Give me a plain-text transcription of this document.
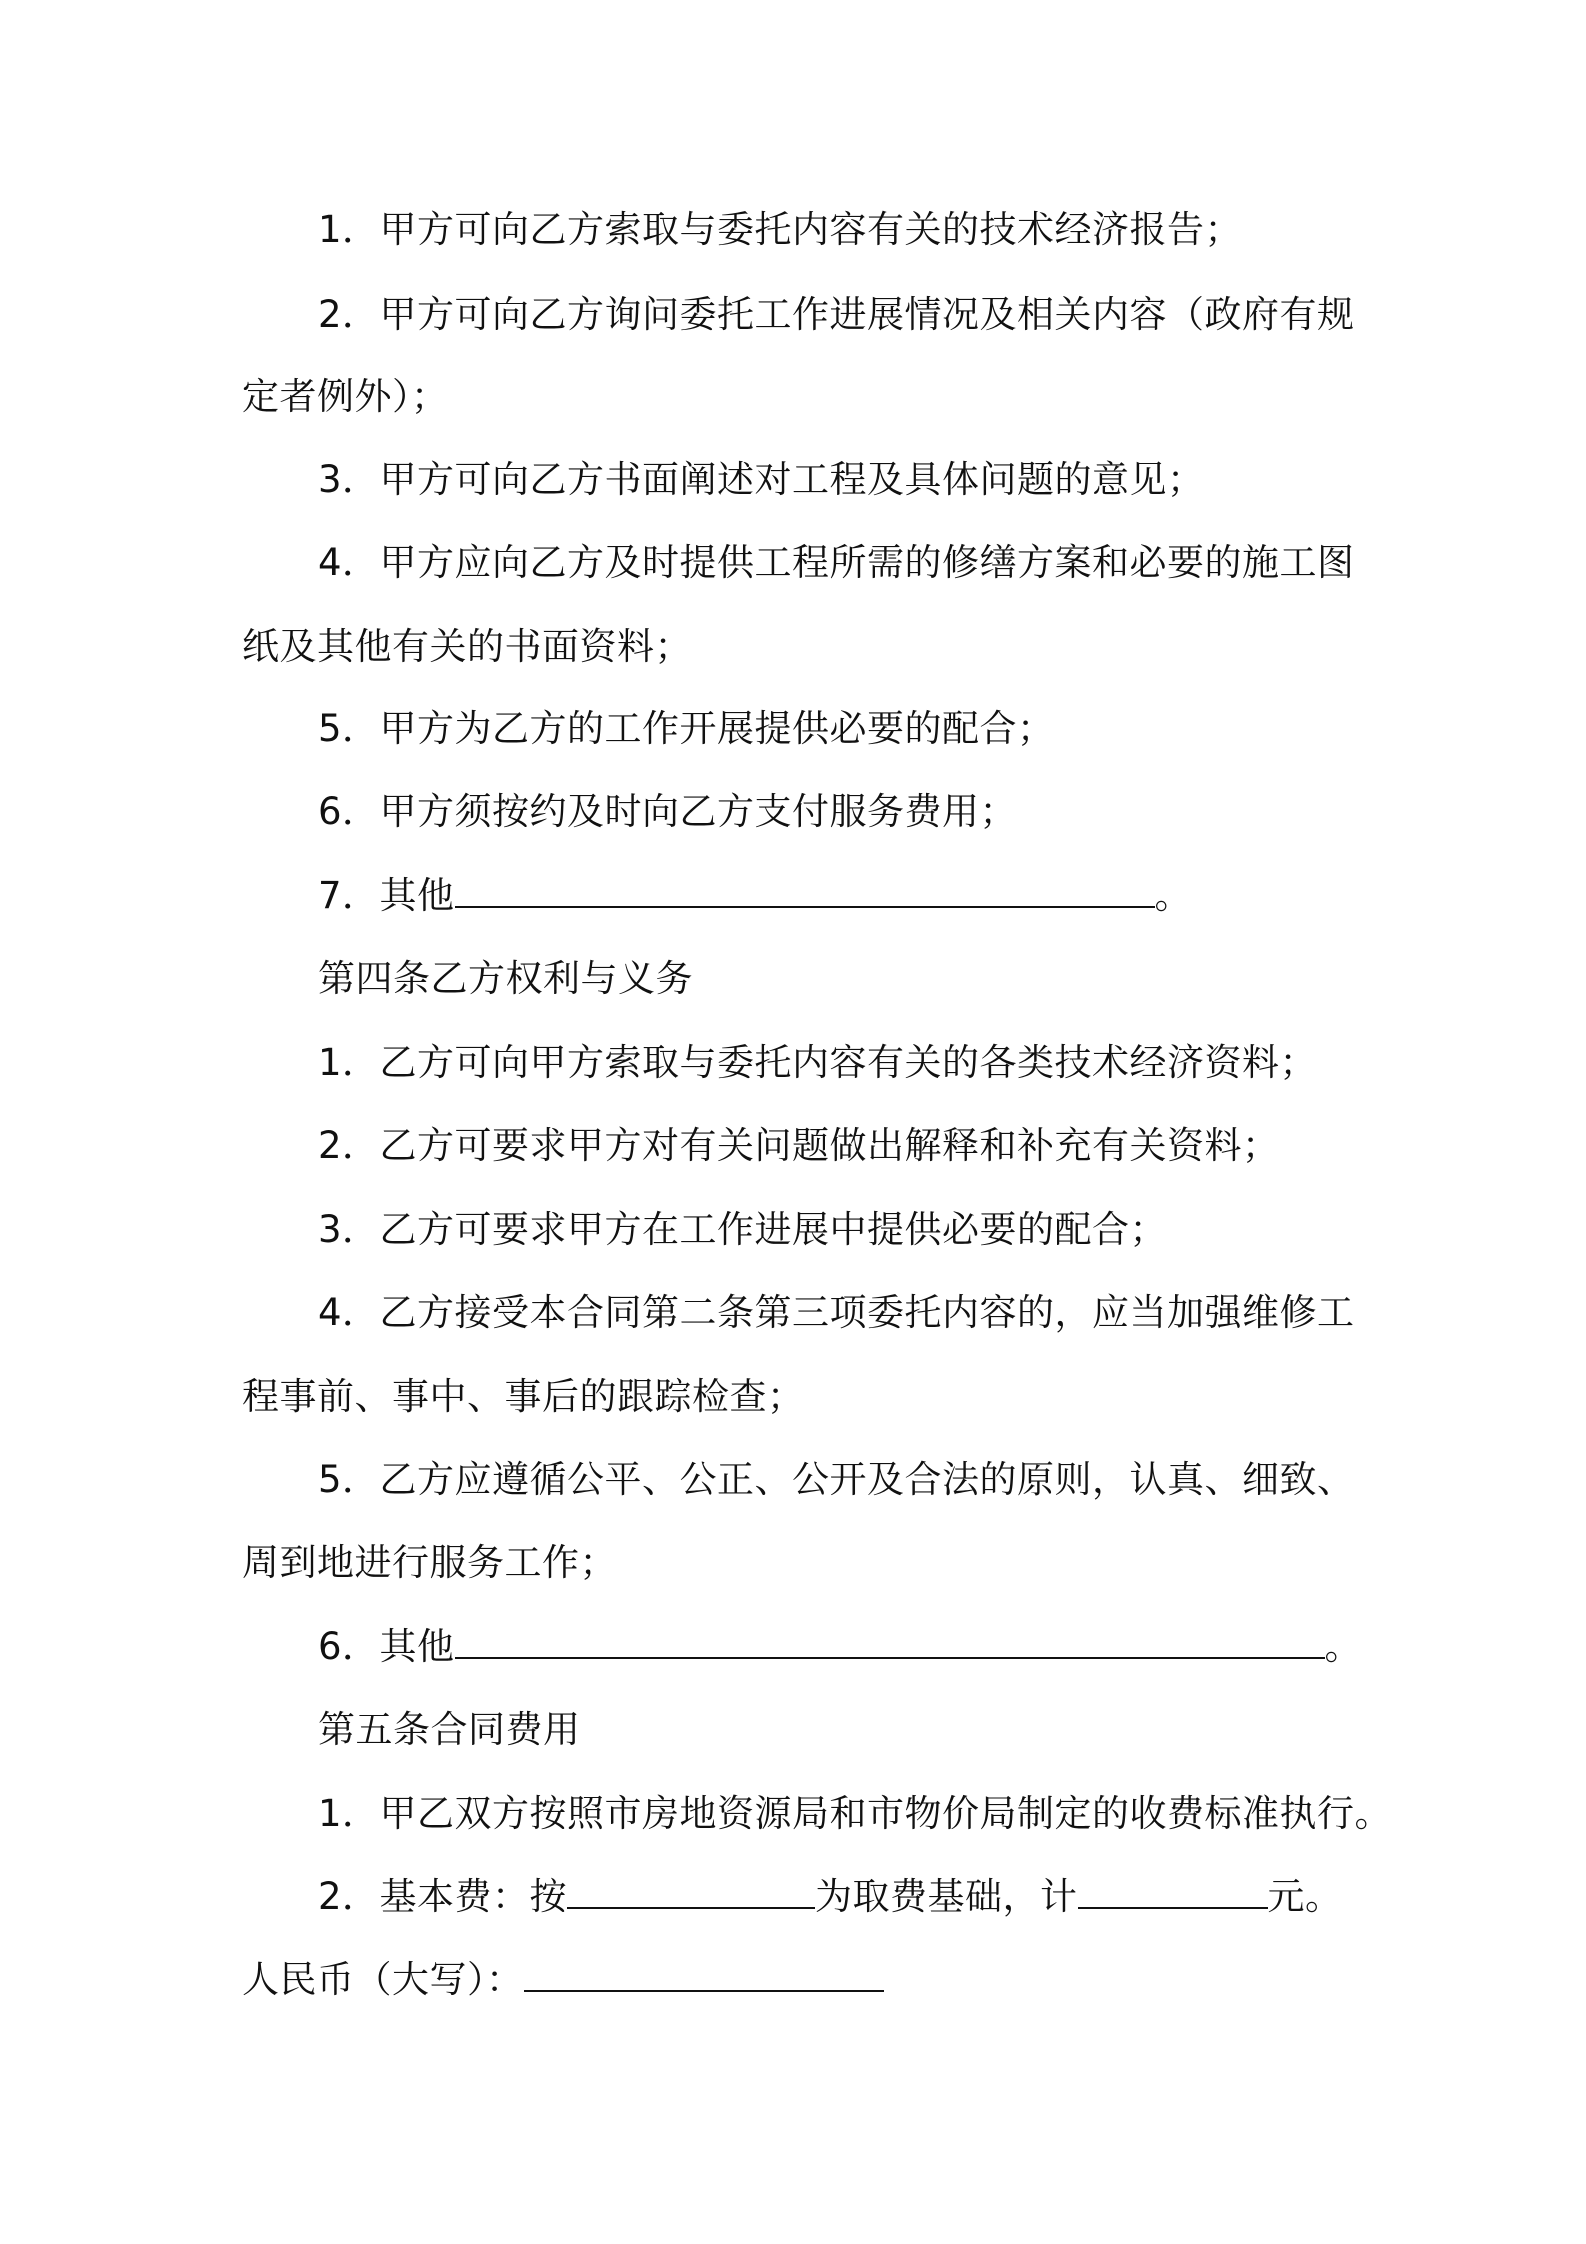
1．甲方可向乙方索取与委托内容有关的技术经济报告；
2．甲方可向乙方询问委托工作进展情况及相关内容（政府有规
定者例外）；
3．甲方可向乙方书面阐述对工程及具体问题的意见；
4．甲方应向乙方及时提供工程所需的修缮方案和必要的施工图
纸及其他有关的书面资料；
5．甲方为乙方的工作开展提供必要的配合；
6．甲方须按约及时向乙方支付服务费用；
7．其他	。
第四条乙方权利与义务
1．乙方可向甲方索取与委托内容有关的各类技术经济资料；
2．乙方可要求甲方对有关问题做出解释和补充有关资料；
3．乙方可要求甲方在工作进展中提供必要的配合；
4．乙方接受本合同第二条第三项委托内容的，应当加强维修工
程事前、事中、事后的跟踪检查；
5．乙方应遵循公平、公正、公开及合法的原则，认真、细致、
周到地进行服务工作；
6．其他	。
第五条合同费用
1．甲乙双方按照市房地资源局和市物价局制定的收费标准执行。
2．基本费：按	为取费基础，计	元。
人民币（大写）：
